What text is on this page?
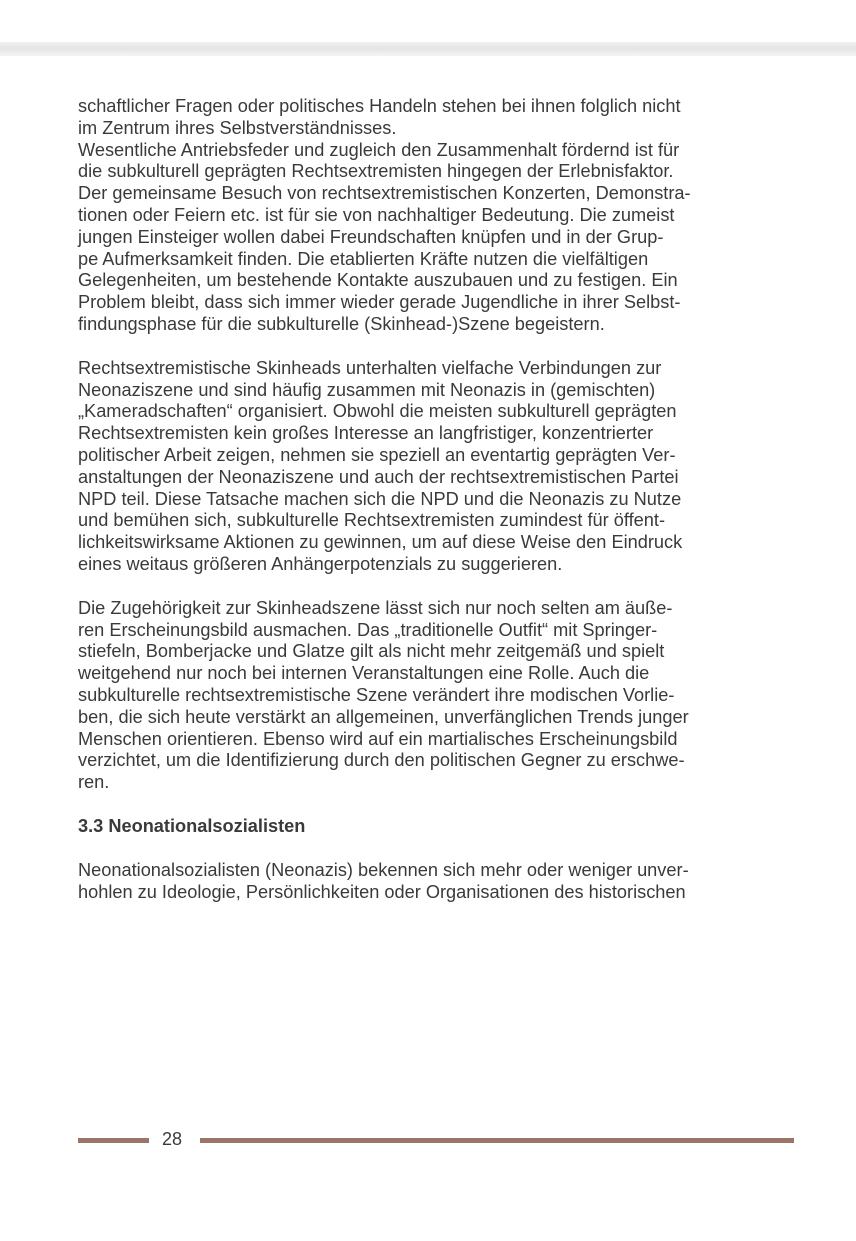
schaftlicher Fragen oder politisches Handeln stehen bei ihnen folglich nicht
im Zentrum ihres Selbstverständnisses.
Wesentliche Antriebsfeder und zugleich den Zusammenhalt fördernd ist für
die subkulturell geprägten Rechtsextremisten hingegen der Erlebnisfaktor.
Der gemeinsame Besuch von rechtsextremistischen Konzerten, Demonstra-
tionen oder Feiern etc. ist für sie von nachhaltiger Bedeutung. Die zumeist
jungen Einsteiger wollen dabei Freundschaften knüpfen und in der Grup-
pe Aufmerksamkeit finden. Die etablierten Kräfte nutzen die vielfältigen
Gelegenheiten, um bestehende Kontakte auszubauen und zu festigen. Ein
Problem bleibt, dass sich immer wieder gerade Jugendliche in ihrer Selbst-
findungsphase für die subkulturelle (Skinhead-)Szene begeistern.

Rechtsextremistische Skinheads unterhalten vielfache Verbindungen zur
Neonaziszene und sind häufig zusammen mit Neonazis in (gemischten)
„Kameradschaften“ organisiert. Obwohl die meisten subkulturell geprägten
Rechtsextremisten kein großes Interesse an langfristiger, konzentrierter
politischer Arbeit zeigen, nehmen sie speziell an eventartig geprägten Ver-
anstaltungen der Neonaziszene und auch der rechtsextremistischen Partei
NPD teil. Diese Tatsache machen sich die NPD und die Neonazis zu Nutze
und bemühen sich, subkulturelle Rechtsextremisten zumindest für öffent-
lichkeitswirksame Aktionen zu gewinnen, um auf diese Weise den Eindruck
eines weitaus größeren Anhängerpotenzials zu suggerieren.

Die Zugehörigkeit zur Skinheadszene lässt sich nur noch selten am äuße-
ren Erscheinungsbild ausmachen. Das „traditionelle Outfit“ mit Springer-
stiefeln, Bomberjacke und Glatze gilt als nicht mehr zeitgemäß und spielt
weitgehend nur noch bei internen Veranstaltungen eine Rolle. Auch die
subkulturelle rechtsextremistische Szene verändert ihre modischen Vorlie-
ben, die sich heute verstärkt an allgemeinen, unverfänglichen Trends junger
Menschen orientieren. Ebenso wird auf ein martialisches Erscheinungsbild
verzichtet, um die Identifizierung durch den politischen Gegner zu erschwe-
ren.

3.3 Neonationalsozialisten

Neonationalsozialisten (Neonazis) bekennen sich mehr oder weniger unver-
hohlen zu Ideologie, Persönlichkeiten oder Organisationen des historischen

28
